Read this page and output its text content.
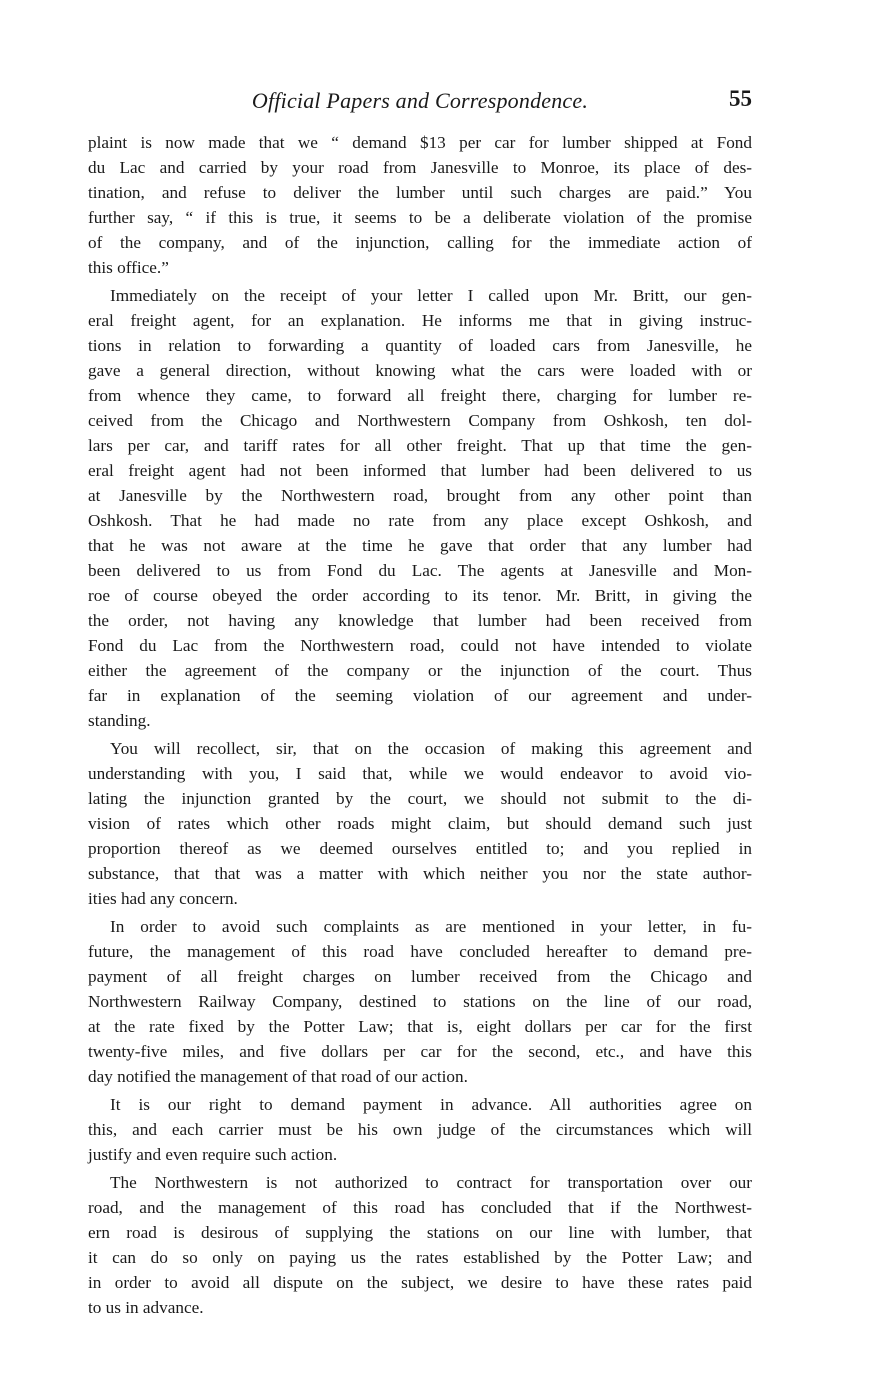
Official Papers and Correspondence.	55
plaint is now made that we “ demand $13 per car for lumber shipped at Fond
du Lac and carried by your road from Janesville to Monroe, its place of des-
tination, and refuse to deliver the lumber until such charges are paid.” You
further say, “ if this is true, it seems to be a deliberate violation of the promise
of the company, and of the injunction, calling for the immediate action of
this office.”
Immediately on the receipt of your letter I called upon Mr. Britt, our gen-
eral freight agent, for an explanation. He informs me that in giving instruc-
tions in relation to forwarding a quantity of loaded cars from Janesville, he
gave a general direction, without knowing what the cars were loaded with or
from whence they came, to forward all freight there, charging for lumber re-
ceived from the Chicago and Northwestern Company from Oshkosh, ten dol-
lars per car, and tariff rates for all other freight. That up that time the gen-
eral freight agent had not been informed that lumber had been delivered to us
at Janesville by the Northwestern road, brought from any other point than
Oshkosh. That he had made no rate from any place except Oshkosh, and
that he was not aware at the time he gave that order that any lumber had
been delivered to us from Fond du Lac. The agents at Janesville and Mon-
roe of course obeyed the order according to its tenor. Mr. Britt, in giving the
the order, not having any knowledge that lumber had been received from
Fond du Lac from the Northwestern road, could not have intended to violate
either the agreement of the company or the injunction of the court. Thus
far in explanation of the seeming violation of our agreement and under-
standing.
You will recollect, sir, that on the occasion of making this agreement and
understanding with you, I said that, while we would endeavor to avoid vio-
lating the injunction granted by the court, we should not submit to the di-
vision of rates which other roads might claim, but should demand such just
proportion thereof as we deemed ourselves entitled to; and you replied in
substance, that that was a matter with which neither you nor the state author-
ities had any concern.
In order to avoid such complaints as are mentioned in your letter, in fu-
future, the management of this road have concluded hereafter to demand pre-
payment of all freight charges on lumber received from the Chicago and
Northwestern Railway Company, destined to stations on the line of our road,
at the rate fixed by the Potter Law; that is, eight dollars per car for the first
twenty-five miles, and five dollars per car for the second, etc., and have this
day notified the management of that road of our action.
It is our right to demand payment in advance. All authorities agree on
this, and each carrier must be his own judge of the circumstances which will
justify and even require such action.
The Northwestern is not authorized to contract for transportation over our
road, and the management of this road has concluded that if the Northwest-
ern road is desirous of supplying the stations on our line with lumber, that
it can do so only on paying us the rates established by the Potter Law; and
in order to avoid all dispute on the subject, we desire to have these rates paid
to us in advance.
